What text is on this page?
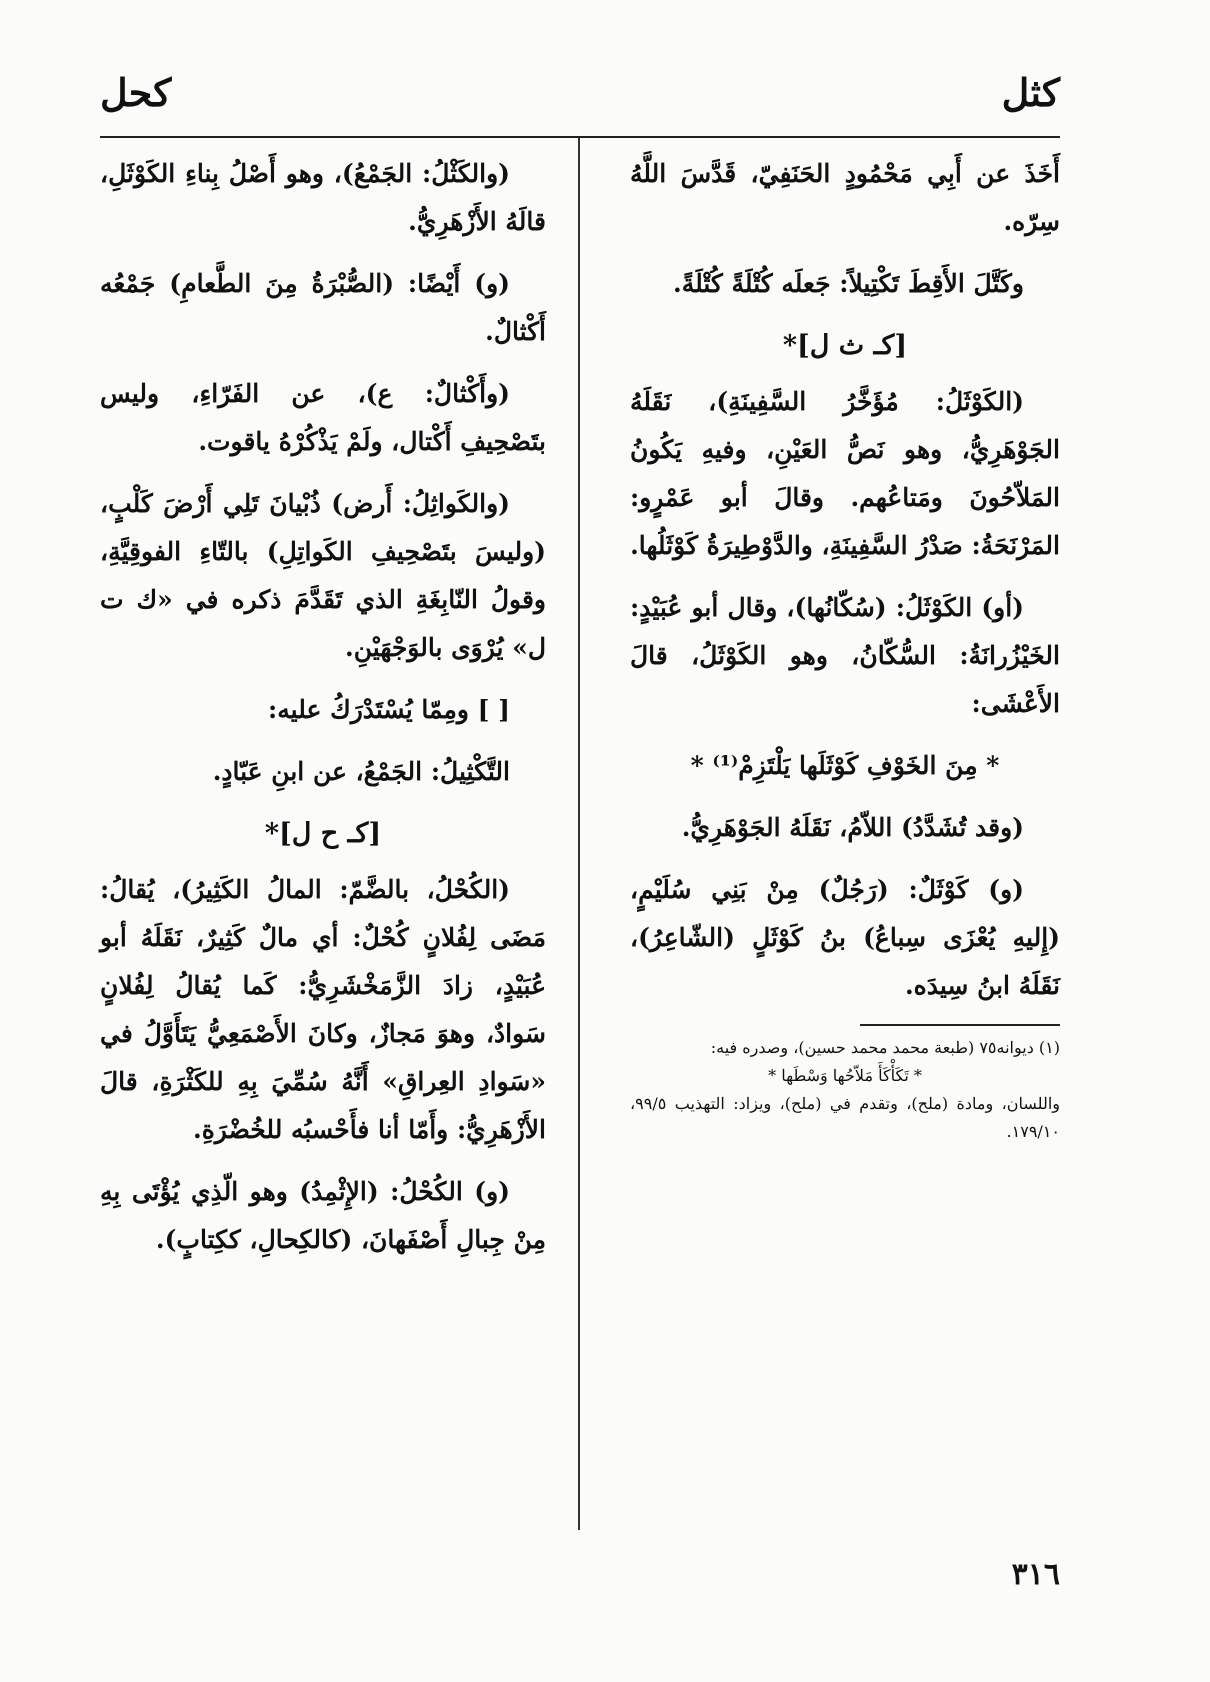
كثل
كحل

أَخَذَ عن أَبِي مَحْمُودٍ الحَنَفِيّ، قَدَّسَ اللَّهُ سِرّه.

وكَتَّلَ الأَقِطَ تَكْتِيلاً: جَعلَه كُتْلَةً كُتْلَةً.

[كـ ث ل]*

(الكَوْثَلُ: مُؤَخَّرُ السَّفِينَةِ)، نَقَلَهُ الجَوْهَرِيُّ، وهو نَصُّ العَيْنِ، وفيهِ يَكُونُ المَلاّحُونَ ومَتاعُهم. وقالَ أبو عَمْرٍو: المَرْنَحَةُ: صَدْرُ السَّفِينَةِ، والدَّوْطِيرَةُ كَوْثَلُها.

(أو) الكَوْثَلُ: (سُكّانُها)، وقال أبو عُبَيْدٍ: الخَيْزُرانَةُ: السُّكّانُ، وهو الكَوْثَلُ، قالَ الأَعْشَى:

* مِنَ الخَوْفِ كَوْثَلَها يَلْتَزِمْ⁽¹⁾ *

(وقد تُشَدَّدُ) اللاّمُ، نَقَلَهُ الجَوْهَرِيُّ.

(و) كَوْثَلٌ: (رَجُلٌ) مِنْ بَنِي سُلَيْمٍ، (إِليهِ يُعْزَى سِباعُ) بنُ كَوْثَلٍ (الشّاعِرُ)، نَقَلَهُ ابنُ سِيدَه.

(١) ديوانه٧٥ (طبعة محمد محمد حسين)، وصدره فيه:

* تَكَأْكَأَ مَلاّحُها وَسْطَها *

واللسان، ومادة (ملح)، وتقدم في (ملح)، ويزاد: التهذيب ٩٩/٥، ١٧٩/١٠.

(والكَثْلُ: الجَمْعُ)، وهو أَصْلُ بِناءِ الكَوْثَلِ، قالَهُ الأَزْهَرِيُّ.

(و) أَيْضًا: (الصُّبْرَةُ مِنَ الطَّعامِ) جَمْعُه أَكْثالٌ.

(وأَكْثالٌ: ع)، عن الفَرّاءِ، وليس بتَصْحِيفِ أَكْتال، ولَمْ يَذْكُرْهُ ياقوت.

(والكَواثِلُ: أَرض) ذُبْيانَ تَلِي أَرْضَ كَلْبٍ، (وليسَ بتَصْحِيفِ الكَواتِلِ) بالتّاءِ الفوقِيَّةِ، وقولُ النّابِغَةِ الذي تَقَدَّمَ ذكره في «ك ت ل» يُرْوَى بالوَجْهَيْنِ.

[ ] ومِمّا يُسْتَدْرَكُ عليه:

التَّكْثِيلُ: الجَمْعُ، عن ابنِ عَبّادٍ.

[كـ ح ل]*

(الكُحْلُ، بالضَّمّ: المالُ الكَثِيرُ)، يُقالُ: مَضَى لِفُلانٍ كُحْلٌ: أي مالٌ كَثِيرٌ، نَقَلَهُ أبو عُبَيْدٍ، زادَ الزَّمَخْشَرِيُّ: كَما يُقالُ لِفُلانٍ سَوادٌ، وهوَ مَجازٌ، وكانَ الأَصْمَعِيُّ يَتَأَوَّلُ في «سَوادِ العِراقِ» أَنَّهُ سُمِّيَ بِهِ للكَثْرَةِ، قالَ الأَزْهَرِيُّ: وأَمّا أنا فأَحْسبُه للخُضْرَةِ.

(و) الكُحْلُ: (الإِثْمِدُ) وهو الّذِي يُؤْتَى بِهِ مِنْ جِبالِ أَصْفَهانَ، (كالكِحالِ، ككِتابٍ).

٣١٦
